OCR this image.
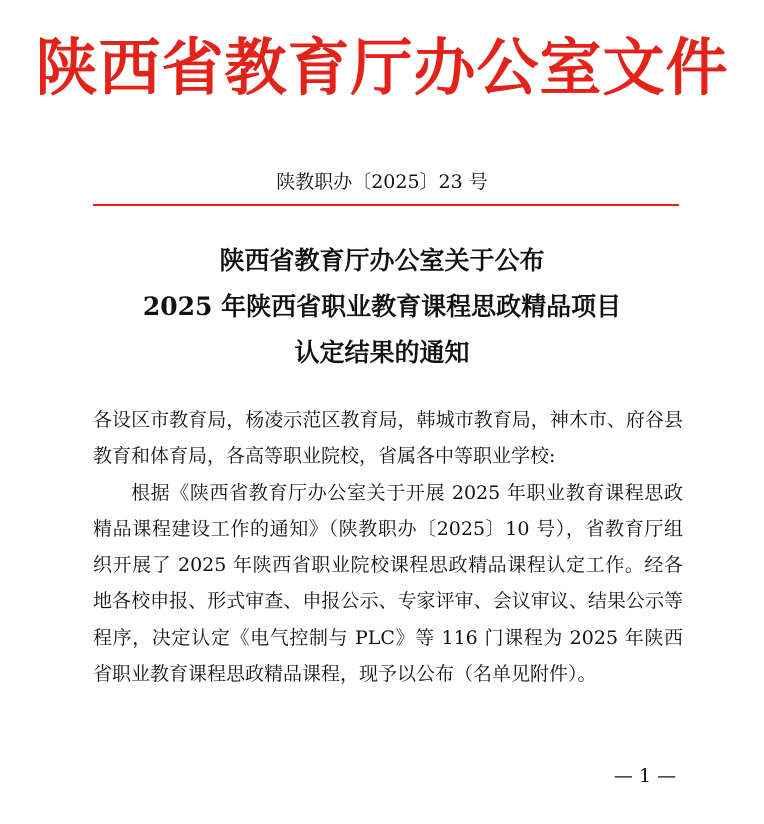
陕西省教育厅办公室文件
陕教职办〔2025〕23 号
陕西省教育厅办公室关于公布
2025 年陕西省职业教育课程思政精品项目
认定结果的通知

各设区市教育局，杨凌示范区教育局，韩城市教育局，神木市、府谷县教育和体育局，各高等职业院校，省属各中等职业学校:

根据《陕西省教育厅办公室关于开展 2025 年职业教育课程思政精品课程建设工作的通知》（陕教职办〔2025〕10 号），省教育厅组织开展了 2025 年陕西省职业院校课程思政精品课程认定工作。经各地各校申报、形式审查、申报公示、专家评审、会议审议、结果公示等程序，决定认定《电气控制与 PLC》等 116 门课程为 2025 年陕西省职业教育课程思政精品课程，现予以公布（名单见附件）。

— 1 —
